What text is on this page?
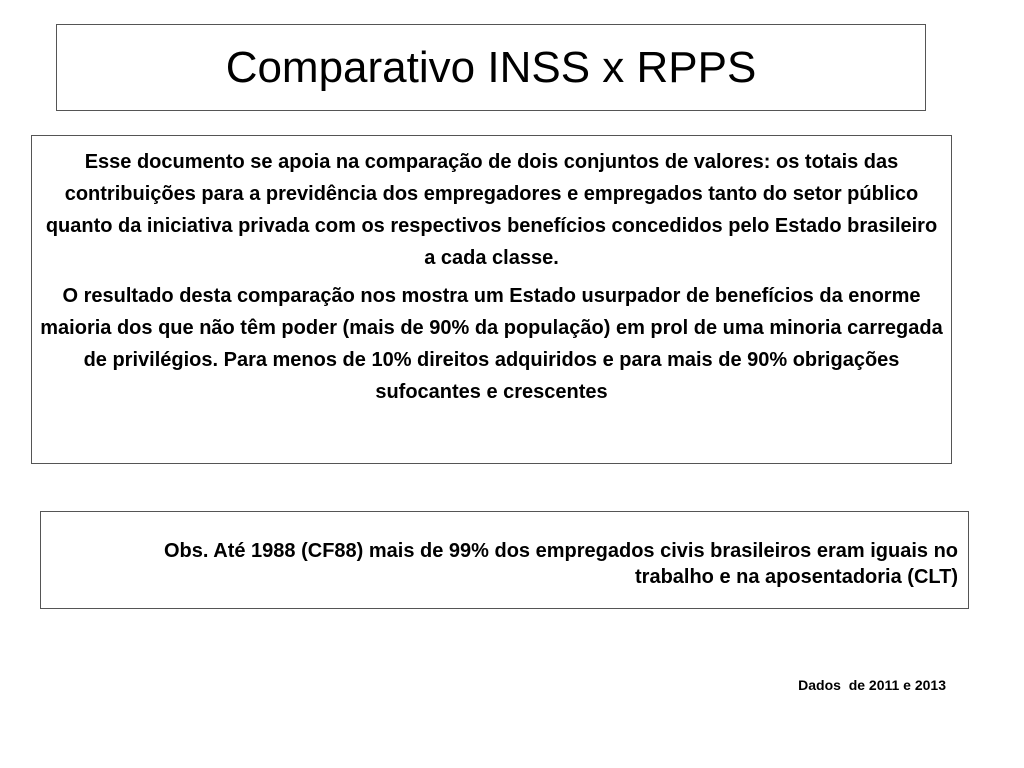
Comparativo INSS x RPPS

Esse documento se apoia na comparação de dois conjuntos de valores: os totais das contribuições para a previdência dos empregadores e empregados tanto do setor público quanto da iniciativa privada com os respectivos benefícios concedidos pelo Estado brasileiro a cada classe.

O resultado desta comparação nos mostra um Estado usurpador de benefícios da enorme maioria dos que não têm poder (mais de 90% da população) em prol de uma minoria carregada de privilégios. Para menos de 10% direitos adquiridos e para mais de 90% obrigações sufocantes e crescentes

Obs. Até 1988 (CF88) mais de 99% dos empregados civis brasileiros eram iguais no trabalho e na aposentadoria (CLT)

Dados  de 2011 e 2013
